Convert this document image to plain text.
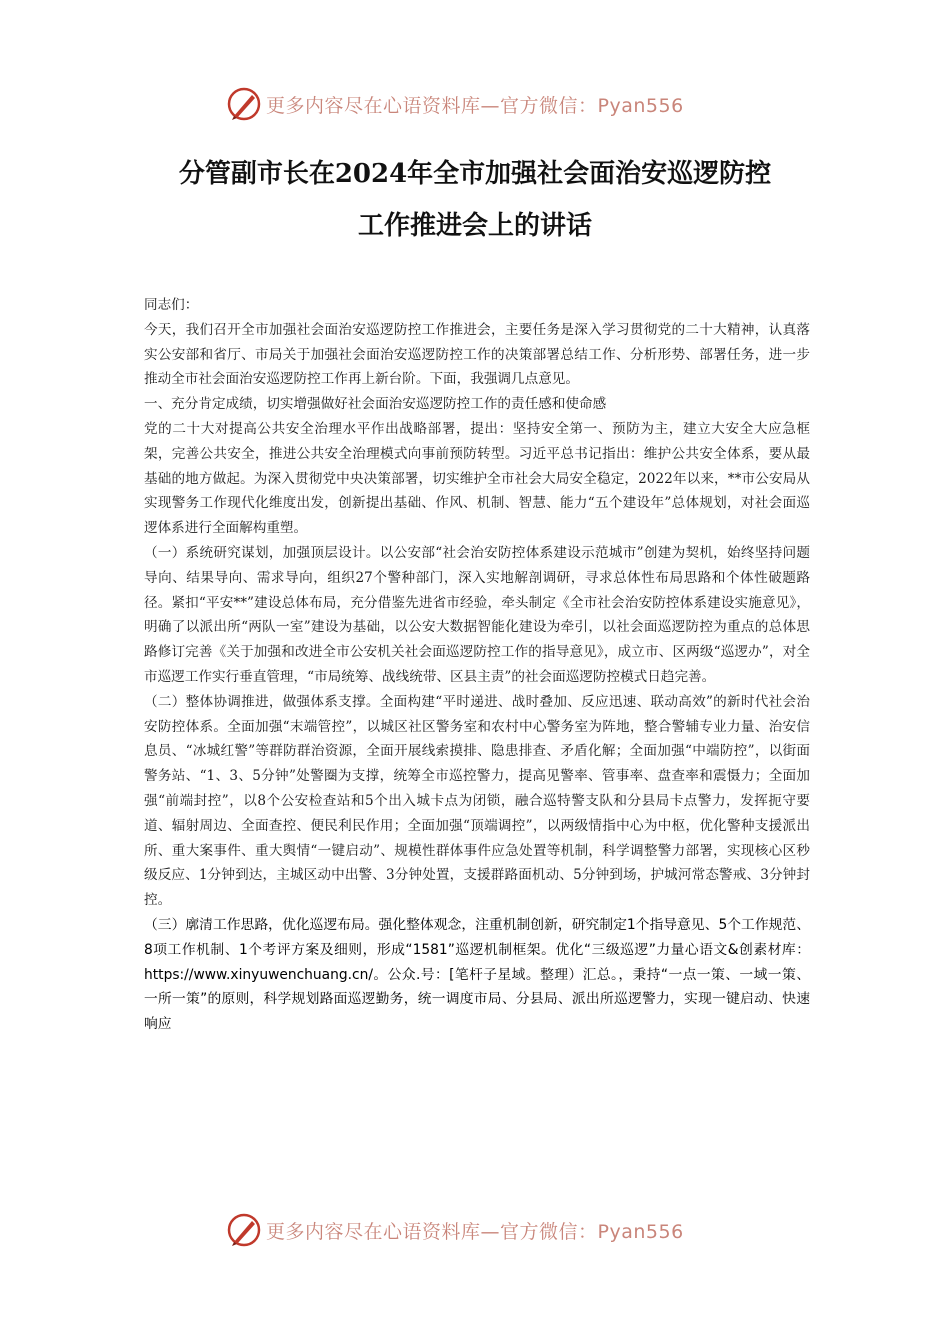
更多内容尽在心语资料库—官方微信：Pyan556
分管副市长在2024年全市加强社会面治安巡逻防控
工作推进会上的讲话

同志们：

今天，我们召开全市加强社会面治安巡逻防控工作推进会，主要任务是深入学习贯彻党的二十大精神，认真落实公安部和省厅、市局关于加强社会面治安巡逻防控工作的决策部署总结工作、分析形势、部署任务，进一步推动全市社会面治安巡逻防控工作再上新台阶。下面，我强调几点意见。

一、充分肯定成绩，切实增强做好社会面治安巡逻防控工作的责任感和使命感

党的二十大对提高公共安全治理水平作出战略部署，提出：坚持安全第一、预防为主，建立大安全大应急框架，完善公共安全，推进公共安全治理模式向事前预防转型。习近平总书记指出：维护公共安全体系，要从最基础的地方做起。为深入贯彻党中央决策部署，切实维护全市社会大局安全稳定，2022年以来，**市公安局从实现警务工作现代化维度出发，创新提出基础、作风、机制、智慧、能力“五个建设年”总体规划，对社会面巡逻体系进行全面解构重塑。

（一）系统研究谋划，加强顶层设计。以公安部“社会治安防控体系建设示范城市”创建为契机，始终坚持问题导向、结果导向、需求导向，组织27个警种部门，深入实地解剖调研，寻求总体性布局思路和个体性破题路径。紧扣“平安**”建设总体布局，充分借鉴先进省市经验，牵头制定《全市社会治安防控体系建设实施意见》，明确了以派出所“两队一室”建设为基础，以公安大数据智能化建设为牵引，以社会面巡逻防控为重点的总体思路修订完善《关于加强和改进全市公安机关社会面巡逻防控工作的指导意见》，成立市、区两级“巡逻办”，对全市巡逻工作实行垂直管理，“市局统筹、战线统带、区县主责”的社会面巡逻防控模式日趋完善。

（二）整体协调推进，做强体系支撑。全面构建“平时递进、战时叠加、反应迅速、联动高效”的新时代社会治安防控体系。全面加强“末端管控”，以城区社区警务室和农村中心警务室为阵地，整合警辅专业力量、治安信息员、“冰城红警”等群防群治资源，全面开展线索摸排、隐患排查、矛盾化解；全面加强“中端防控”，以街面警务站、“1、3、5分钟”处警圈为支撑，统筹全市巡控警力，提高见警率、管事率、盘查率和震慑力；全面加强“前端封控”，以8个公安检查站和5个出入城卡点为闭锁，融合巡特警支队和分县局卡点警力，发挥扼守要道、辐射周边、全面查控、便民利民作用；全面加强“顶端调控”，以两级情指中心为中枢，优化警种支援派出所、重大案事件、重大舆情“一键启动”、规模性群体事件应急处置等机制，科学调整警力部署，实现核心区秒级反应、1分钟到达，主城区动中出警、3分钟处置，支援群路面机动、5分钟到场，护城河常态警戒、3分钟封控。

（三）廓清工作思路，优化巡逻布局。强化整体观念，注重机制创新，研究制定1个指导意见、5个工作规范、8项工作机制、1个考评方案及细则，形成“1581”巡逻机制框架。优化“三级巡逻”力量心语文&创素材库：https://www.xinyuwenchuang.cn/。公众.号：[笔杆子星域。整理）汇总。，秉持“一点一策、一域一策、一所一策”的原则，科学规划路面巡逻勤务，统一调度市局、分县局、派出所巡逻警力，实现一键启动、快速响应

更多内容尽在心语资料库—官方微信：Pyan556
